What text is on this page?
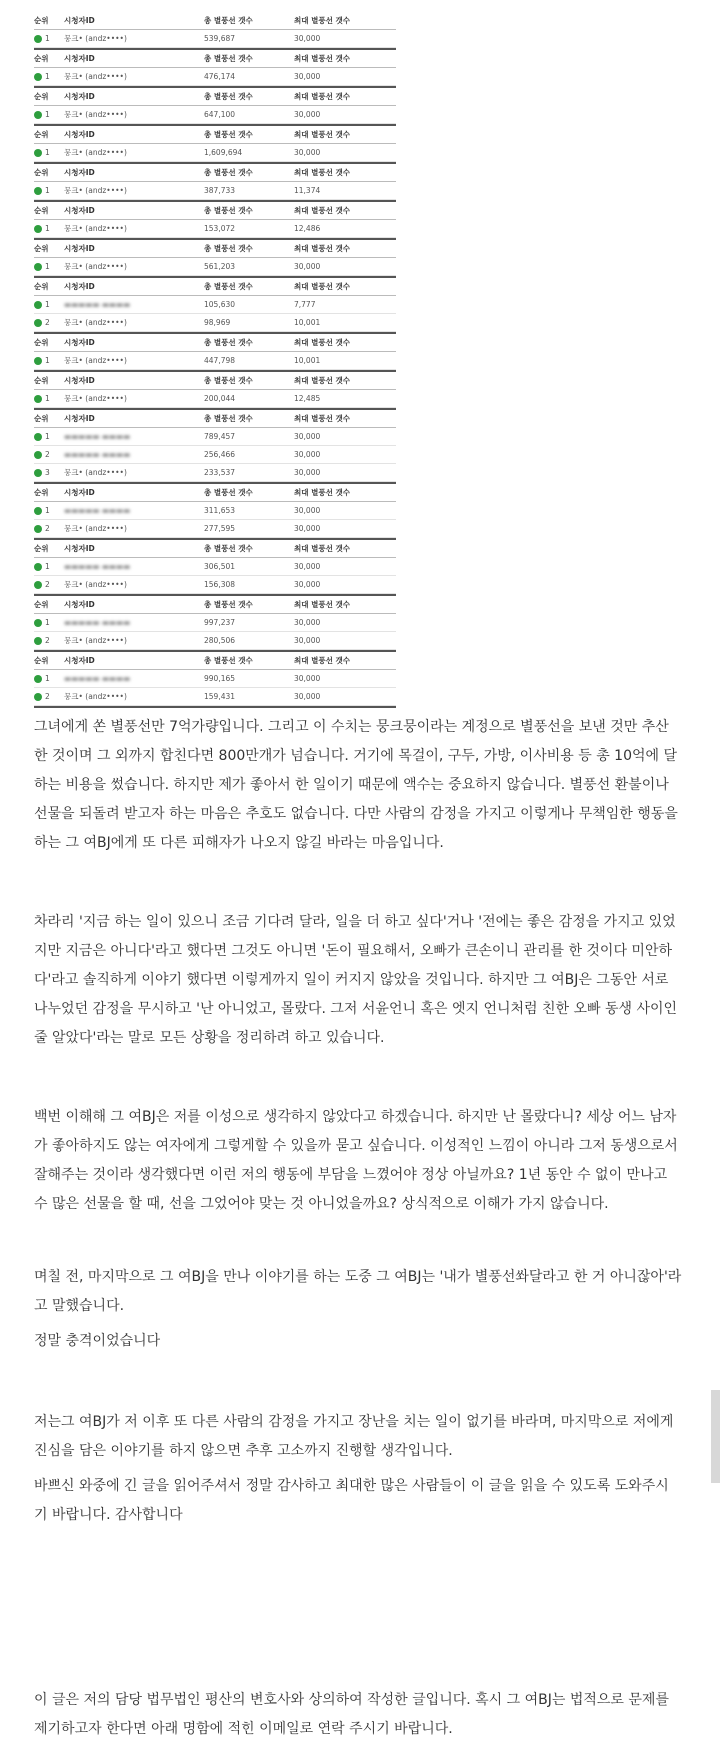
순위	시청자ID	총 별풍선 갯수	최대 별풍선 갯수
1 뭉크• (andz••••)	539,687	30,000
순위	시청자ID	총 별풍선 갯수	최대 별풍선 갯수
1 뭉크• (andz••••)	476,174	30,000
순위	시청자ID	총 별풍선 갯수	최대 별풍선 갯수
1 뭉크• (andz••••)	647,100	30,000
순위	시청자ID	총 별풍선 갯수	최대 별풍선 갯수
1 뭉크• (andz••••)	1,609,694	30,000
순위	시청자ID	총 별풍선 갯수	최대 별풍선 갯수
1 뭉크• (andz••••)	387,733	11,374
순위	시청자ID	총 별풍선 갯수	최대 별풍선 갯수
1 뭉크• (andz••••)	153,072	12,486
순위	시청자ID	총 별풍선 갯수	최대 별풍선 갯수
1 뭉크• (andz••••)	561,203	30,000
순위	시청자ID	총 별풍선 갯수	최대 별풍선 갯수
1 ▬▬▬▬▬ ▬▬▬▬	105,630	7,777
2 뭉크• (andz••••)	98,969	10,001
순위	시청자ID	총 별풍선 갯수	최대 별풍선 갯수
1 뭉크• (andz••••)	447,798	10,001
순위	시청자ID	총 별풍선 갯수	최대 별풍선 갯수
1 뭉크• (andz••••)	200,044	12,485
순위	시청자ID	총 별풍선 갯수	최대 별풍선 갯수
1 ▬▬▬▬▬ ▬▬▬▬	789,457	30,000
2 ▬▬▬▬▬ ▬▬▬▬	256,466	30,000
3 뭉크• (andz••••)	233,537	30,000
순위	시청자ID	총 별풍선 갯수	최대 별풍선 갯수
1 ▬▬▬▬▬ ▬▬▬▬	311,653	30,000
2 뭉크• (andz••••)	277,595	30,000
순위	시청자ID	총 별풍선 갯수	최대 별풍선 갯수
1 ▬▬▬▬▬ ▬▬▬▬	306,501	30,000
2 뭉크• (andz••••)	156,308	30,000
순위	시청자ID	총 별풍선 갯수	최대 별풍선 갯수
1 ▬▬▬▬▬ ▬▬▬▬	997,237	30,000
2 뭉크• (andz••••)	280,506	30,000
순위	시청자ID	총 별풍선 갯수	최대 별풍선 갯수
1 ▬▬▬▬▬ ▬▬▬▬	990,165	30,000
2 뭉크• (andz••••)	159,431	30,000

그녀에게 쏜 별풍선만 7억가량입니다. 그리고 이 수치는 뭉크뭉이라는 계정으로 별풍선을 보낸 것만 추산한 것이며 그 외까지 합친다면 800만개가 넘습니다. 거기에 목걸이, 구두, 가방, 이사비용 등 총 10억에 달하는 비용을 썼습니다. 하지만 제가 좋아서 한 일이기 때문에 액수는 중요하지 않습니다. 별풍선 환불이나 선물을 되돌려 받고자 하는 마음은 추호도 없습니다. 다만 사람의 감정을 가지고 이렇게나 무책임한 행동을 하는 그 여BJ에게 또 다른 피해자가 나오지 않길 바라는 마음입니다.

차라리 '지금 하는 일이 있으니 조금 기다려 달라, 일을 더 하고 싶다'거나 '전에는 좋은 감정을 가지고 있었지만 지금은 아니다'라고 했다면 그것도 아니면 '돈이 필요해서, 오빠가 큰손이니 관리를 한 것이다 미안하다'라고 솔직하게 이야기 했다면 이렇게까지 일이 커지지 않았을 것입니다. 하지만 그 여BJ은 그동안 서로 나누었던 감정을 무시하고 '난 아니었고, 몰랐다. 그저 서윤언니 혹은 엣지 언니처럼 친한 오빠 동생 사이인줄 알았다'라는 말로 모든 상황을 정리하려 하고 있습니다.

백번 이해해 그 여BJ은 저를 이성으로 생각하지 않았다고 하겠습니다. 하지만 난 몰랐다니? 세상 어느 남자가 좋아하지도 않는 여자에게 그렇게할 수 있을까 묻고 싶습니다. 이성적인 느낌이 아니라 그저 동생으로서 잘해주는 것이라 생각했다면 이런 저의 행동에 부담을 느꼈어야 정상 아닐까요? 1년 동안 수 없이 만나고 수 많은 선물을 할 때, 선을 그었어야 맞는 것 아니었을까요? 상식적으로 이해가 가지 않습니다.

며칠 전, 마지막으로 그 여BJ을 만나 이야기를 하는 도중 그 여BJ는 '내가 별풍선쏴달라고 한 거 아니잖아'라고 말했습니다.

정말 충격이었습니다

저는그 여BJ가 저 이후 또 다른 사람의 감정을 가지고 장난을 치는 일이 없기를 바라며, 마지막으로 저에게 진심을 담은 이야기를 하지 않으면 추후 고소까지 진행할 생각입니다.

바쁘신 와중에 긴 글을 읽어주셔서 정말 감사하고 최대한 많은 사람들이 이 글을 읽을 수 있도록 도와주시기 바랍니다. 감사합니다

이 글은 저의 담당 법무법인 평산의 변호사와 상의하여 작성한 글입니다. 혹시 그 여BJ는 법적으로 문제를 제기하고자 한다면 아래 명함에 적힌 이메일로 연락 주시기 바랍니다.
